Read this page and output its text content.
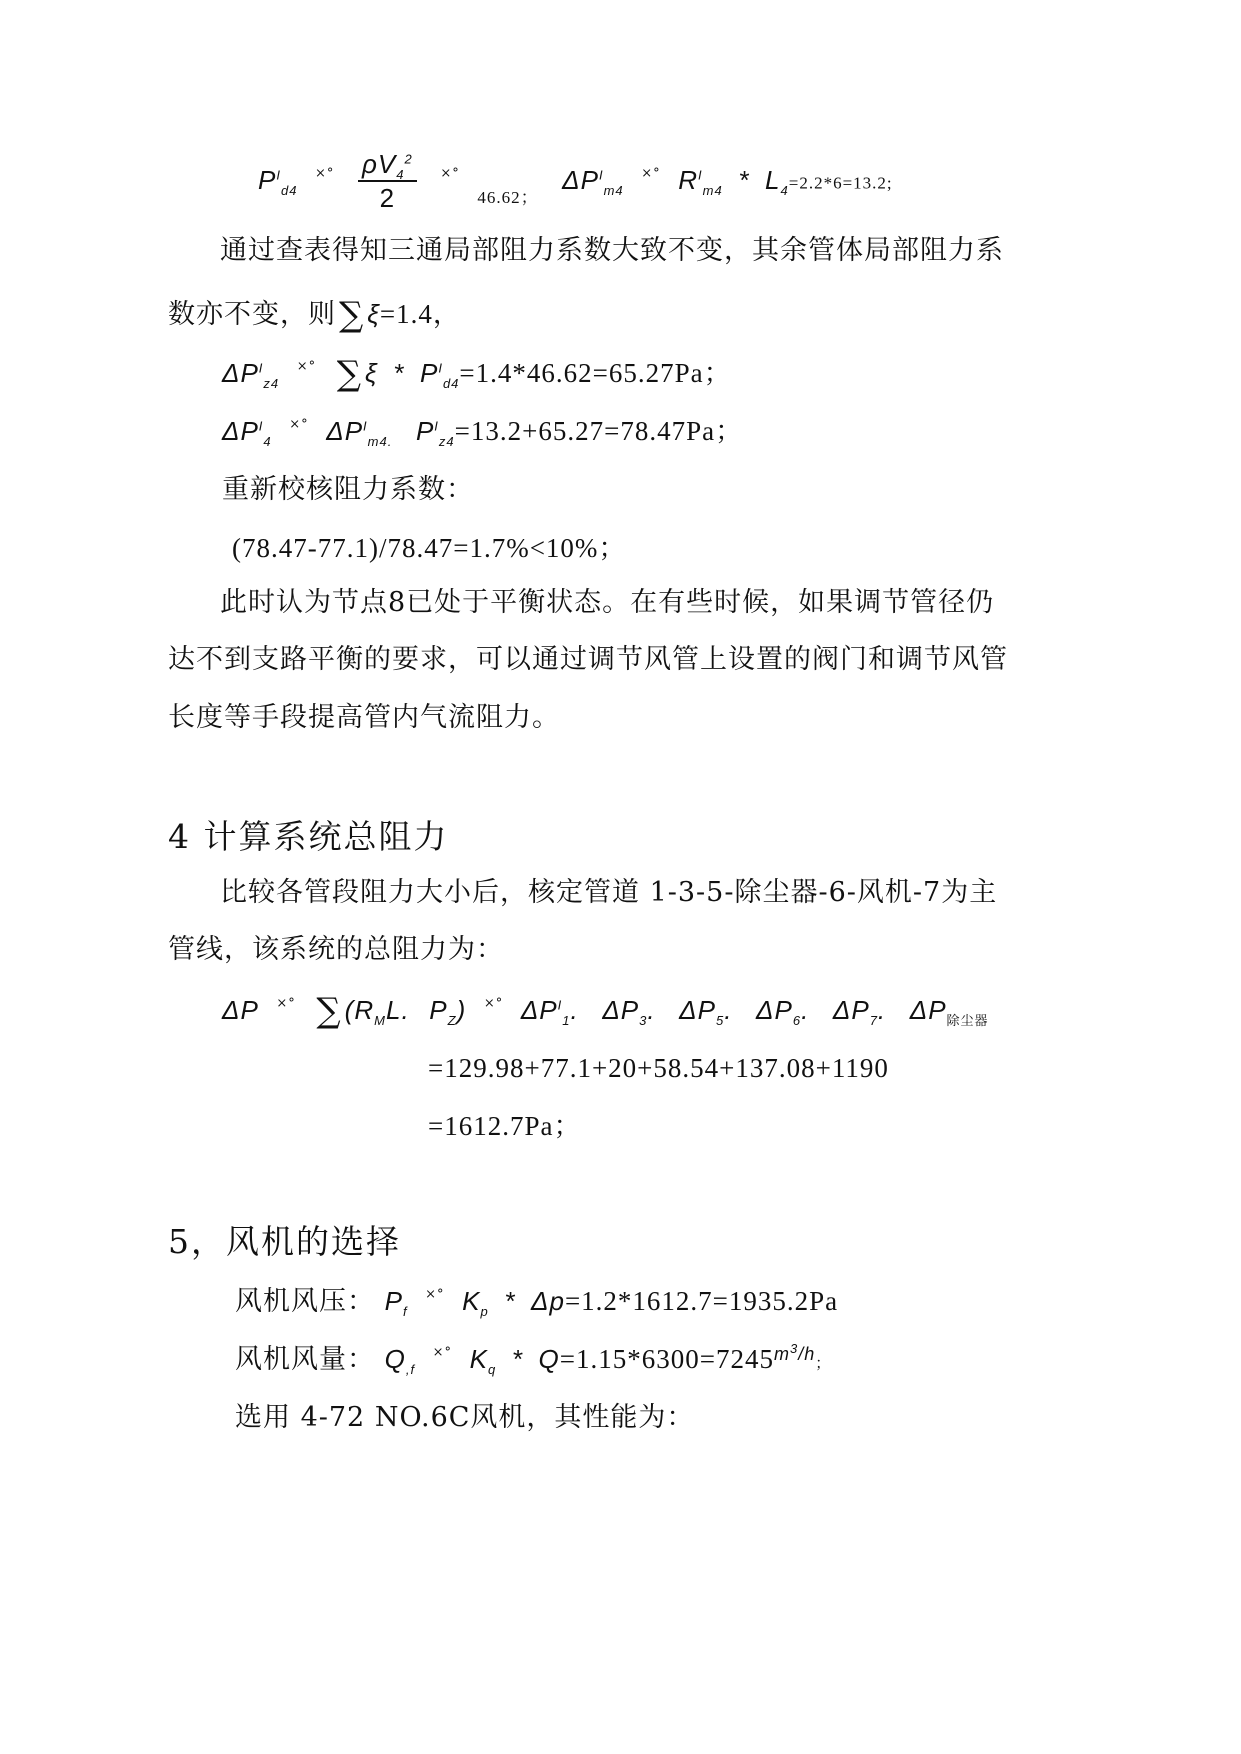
$P^I_{d4}$ $^{\times^\circ} \frac{\rho V_4^2}{2} ^{\times^\circ}$ $_{46.62;}$ $\Delta P^I_{m4}$ ×° $R^I_{m4} * L_4=2.2*6=13.2$;
通过查表得知三通局部阻力系数大致不变，其余管体局部阻力系
数亦不变，则∑ ξ=1.4，
$\Delta P^I_{z4}$ ×° ∑ $\xi * P^I_{d4}=1.4*46.62=65.27Pa$；
$\Delta P^I_4$ ×° $\Delta P^I_{m4.}$ $P^I_{z4}=13.2+65.27=78.47Pa$；
重新校核阻力系数：
(78.47-77.1)/78.47=1.7%<10%；
此时认为节点8已处于平衡状态。在有些时候，如果调节管径仍
达不到支路平衡的要求，可以通过调节风管上设置的阀门和调节风管
长度等手段提高管内气流阻力。
4 计算系统总阻力
比较各管段阻力大小后，核定管道 1-3-5-除尘器-6-风机-7为主
管线，该系统的总阻力为：
ΔP ×° ∑ ($R_ML$. $P_Z$) ×° $\Delta P^I_1$. $\Delta P_3$. $\Delta P_5$. $\Delta P_6$. $\Delta P_7$. $\Delta P_{除尘器}$
=129.98+77.1+20+58.54+137.08+1190
=1612.7Pa；
5，风机的选择
风机风压： $P_f$ ×° $K_p * \Delta p=1.2*1612.7=1935.2Pa$
风机风量： $Q_{,f}$ ×° $K_q * Q=1.15*6300=7245^{m^3/h}$；
选用 4-72 NO.6C风机，其性能为：
